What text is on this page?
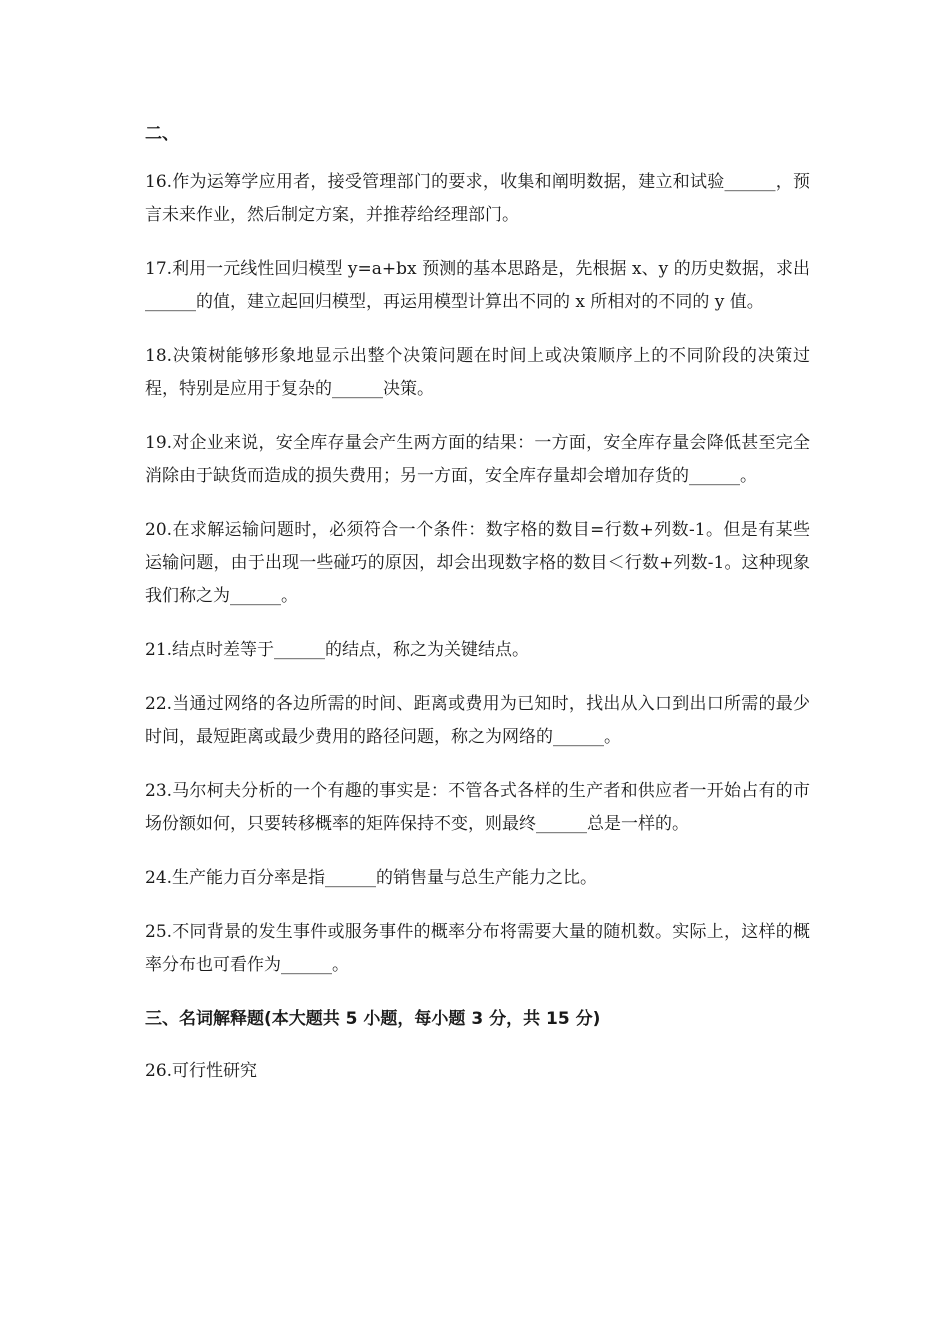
二、

16.作为运筹学应用者，接受管理部门的要求，收集和阐明数据，建立和试验______，预言未来作业，然后制定方案，并推荐给经理部门。

17.利用一元线性回归模型 y=a+bx 预测的基本思路是，先根据 x、y 的历史数据，求出______的值，建立起回归模型，再运用模型计算出不同的 x 所相对的不同的 y 值。

18.决策树能够形象地显示出整个决策问题在时间上或决策顺序上的不同阶段的决策过程，特别是应用于复杂的______决策。

19.对企业来说，安全库存量会产生两方面的结果：一方面，安全库存量会降低甚至完全消除由于缺货而造成的损失费用；另一方面，安全库存量却会增加存货的______。

20.在求解运输问题时，必须符合一个条件：数字格的数目=行数+列数-1。但是有某些运输问题，由于出现一些碰巧的原因，却会出现数字格的数目＜行数+列数-1。这种现象我们称之为______。

21.结点时差等于______的结点，称之为关键结点。

22.当通过网络的各边所需的时间、距离或费用为已知时，找出从入口到出口所需的最少时间，最短距离或最少费用的路径问题，称之为网络的______。

23.马尔柯夫分析的一个有趣的事实是：不管各式各样的生产者和供应者一开始占有的市场份额如何，只要转移概率的矩阵保持不变，则最终______总是一样的。

24.生产能力百分率是指______的销售量与总生产能力之比。

25.不同背景的发生事件或服务事件的概率分布将需要大量的随机数。实际上，这样的概率分布也可看作为______。

三、名词解释题(本大题共 5 小题，每小题 3 分，共 15 分)

26.可行性研究
